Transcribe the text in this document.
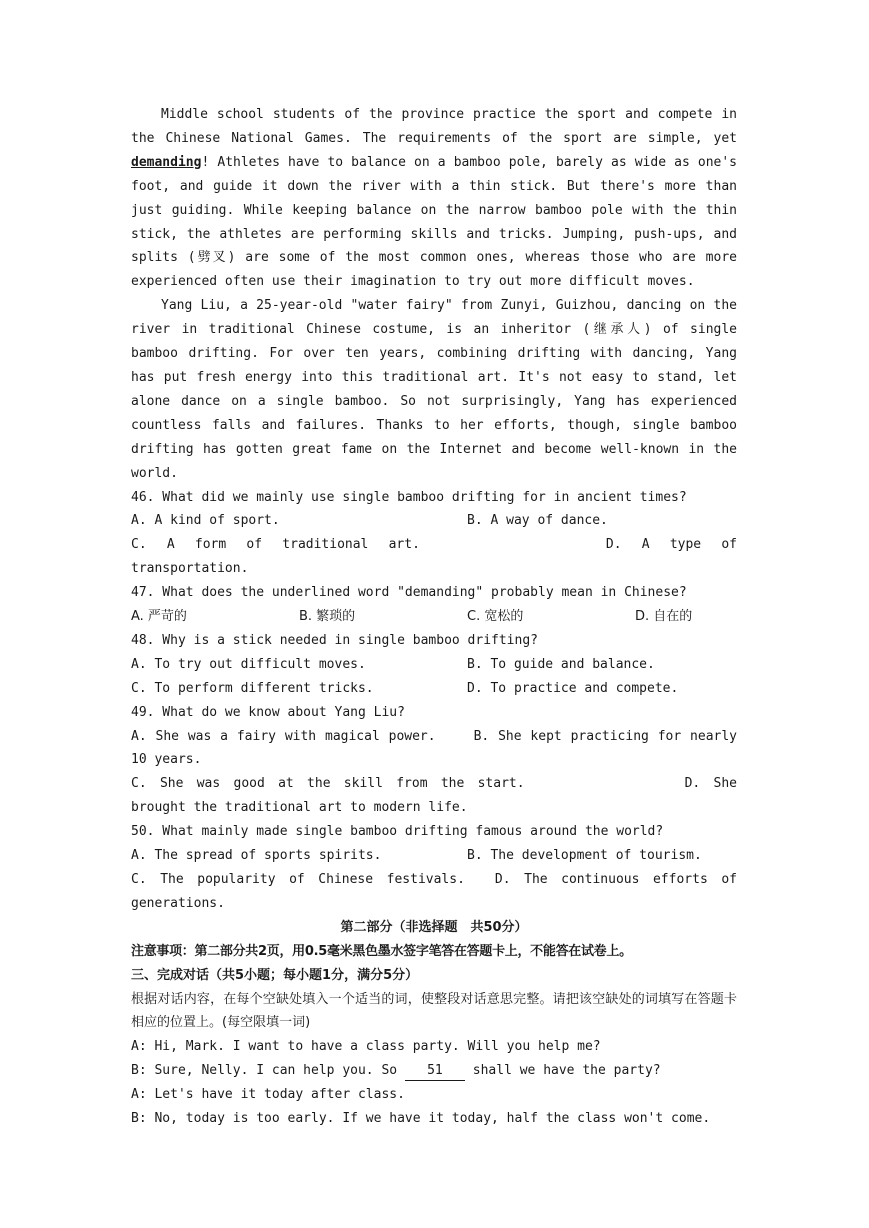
Middle school students of the province practice the sport and compete in the Chinese National Games. The requirements of the sport are simple, yet demanding! Athletes have to balance on a bamboo pole, barely as wide as one's foot, and guide it down the river with a thin stick. But there's more than just guiding. While keeping balance on the narrow bamboo pole with the thin stick, the athletes are performing skills and tricks. Jumping, push-ups, and splits (劈叉) are some of the most common ones, whereas those who are more experienced often use their imagination to try out more difficult moves.

Yang Liu, a 25-year-old "water fairy" from Zunyi, Guizhou, dancing on the river in traditional Chinese costume, is an inheritor (继承人) of single bamboo drifting. For over ten years, combining drifting with dancing, Yang has put fresh energy into this traditional art. It's not easy to stand, let alone dance on a single bamboo. So not surprisingly, Yang has experienced countless falls and failures. Thanks to her efforts, though, single bamboo drifting has gotten great fame on the Internet and become well-known in the world.

46. What did we mainly use single bamboo drifting for in ancient times?

A. A kind of sport.	B. A way of dance.

C. A form of traditional art.	D. A type of transportation.

47. What does the underlined word "demanding" probably mean in Chinese?

A. 严苛的	B. 繁琐的	C. 宽松的	D. 自在的

48. Why is a stick needed in single bamboo drifting?

A. To try out difficult moves.	B. To guide and balance.
C. To perform different tricks.	D. To practice and compete.

49. What do we know about Yang Liu?

A. She was a fairy with magical power.	B. She kept practicing for nearly 10 years.

C. She was good at the skill from the start.	D. She brought the traditional art to modern life.

50. What mainly made single bamboo drifting famous around the world?

A. The spread of sports spirits.	B. The development of tourism.

C. The popularity of Chinese festivals. D. The continuous efforts of generations.

第二部分（非选择题　共50分）

注意事项：第二部分共2页，用0.5毫米黑色墨水签字笔答在答题卡上，不能答在试卷上。

三、完成对话（共5小题；每小题1分，满分5分）

根据对话内容，在每个空缺处填入一个适当的词，使整段对话意思完整。请把该空缺处的词填写在答题卡相应的位置上。(每空限填一词)

A: Hi, Mark. I want to have a class party. Will you help me?

B: Sure, Nelly. I can help you. So 51 shall we have the party?

A: Let's have it today after class.

B: No, today is too early. If we have it today, half the class won't come.
